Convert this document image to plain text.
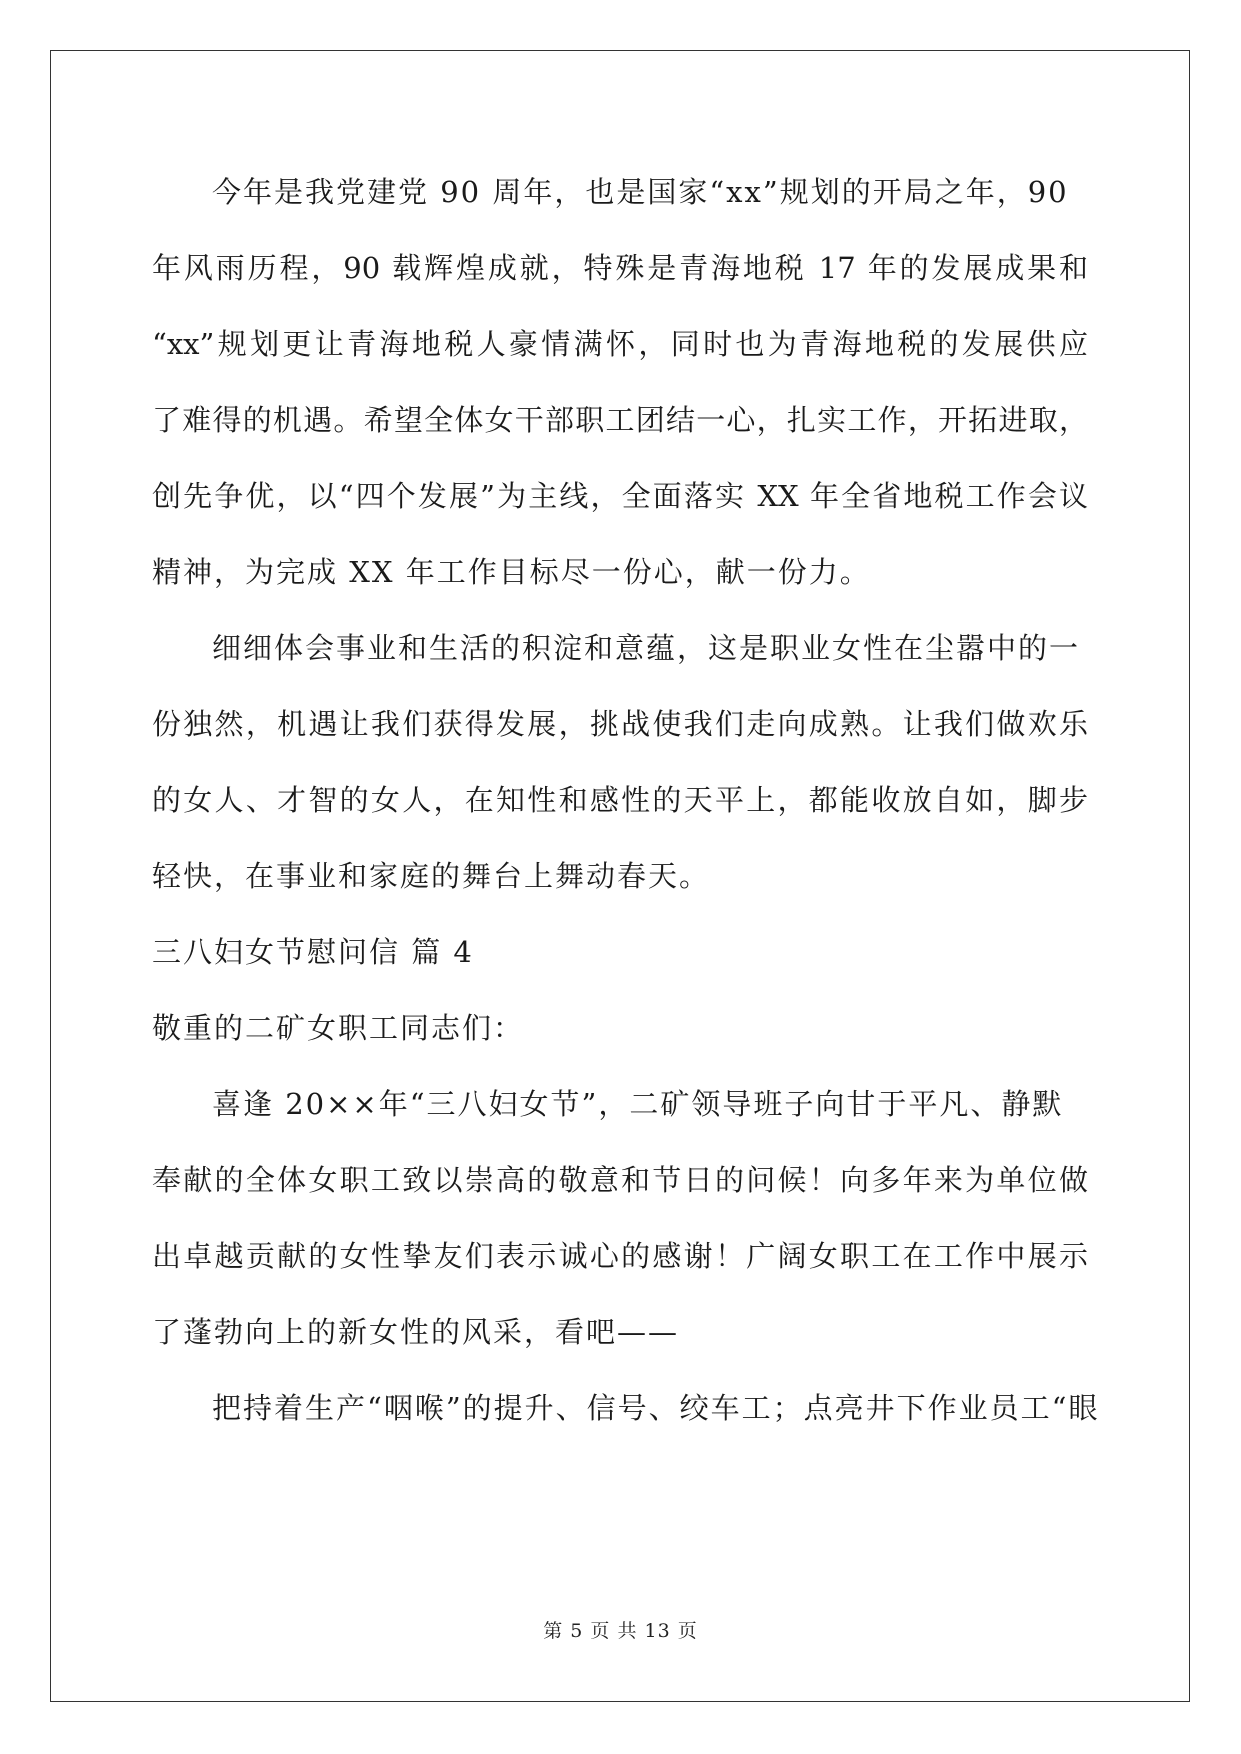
今年是我党建党 90 周年，也是国家“xx”规划的开局之年，90
年风雨历程，90 载辉煌成就，特殊是青海地税 17 年的发展成果和
“xx”规划更让青海地税人豪情满怀，同时也为青海地税的发展供应
了难得的机遇。希望全体女干部职工团结一心，扎实工作，开拓进取，
创先争优，以“四个发展”为主线，全面落实 XX 年全省地税工作会议
精神，为完成 XX 年工作目标尽一份心，献一份力。
细细体会事业和生活的积淀和意蕴，这是职业女性在尘嚣中的一
份独然，机遇让我们获得发展，挑战使我们走向成熟。让我们做欢乐
的女人、才智的女人，在知性和感性的天平上，都能收放自如，脚步
轻快，在事业和家庭的舞台上舞动春天。
三八妇女节慰问信 篇 4
敬重的二矿女职工同志们：
喜逢 20××年“三八妇女节”，二矿领导班子向甘于平凡、静默
奉献的全体女职工致以崇高的敬意和节日的问候！向多年来为单位做
出卓越贡献的女性挚友们表示诚心的感谢！广阔女职工在工作中展示
了蓬勃向上的新女性的风采，看吧——
把持着生产“咽喉”的提升、信号、绞车工；点亮井下作业员工“眼
第 5 页 共 13 页
